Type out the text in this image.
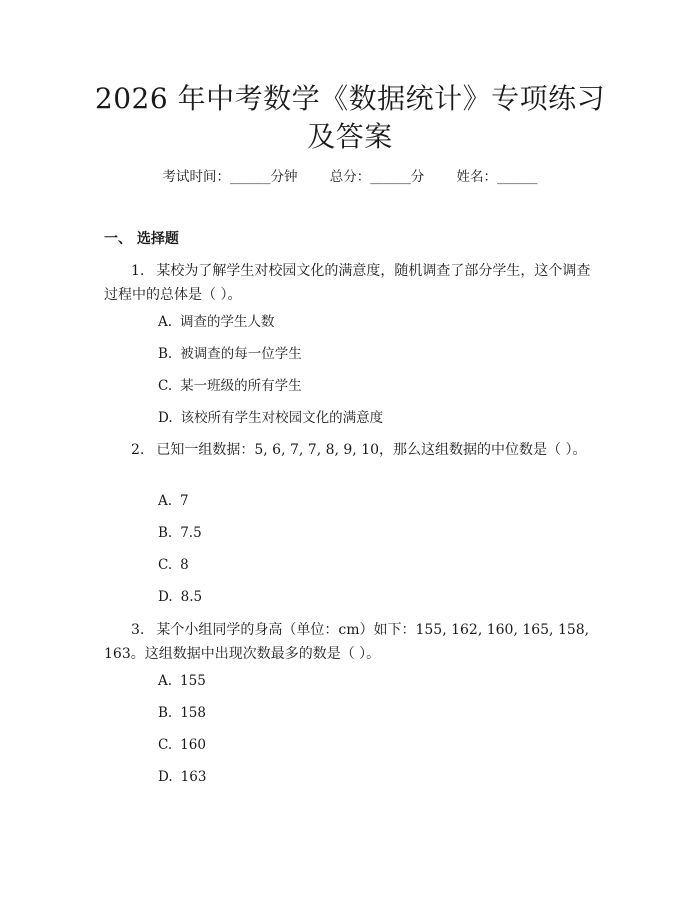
2026 年中考数学《数据统计》专项练习及答案
考试时间：______分钟 总分：______分 姓名：______
一、 选择题
1. 某校为了解学生对校园文化的满意度，随机调查了部分学生，这个调查过程中的总体是（ ）。
A. 调查的学生人数
B. 被调查的每一位学生
C. 某一班级的所有学生
D. 该校所有学生对校园文化的满意度
2. 已知一组数据：5, 6, 7, 7, 8, 9, 10，那么这组数据的中位数是（ ）。
A. 7
B. 7.5
C. 8
D. 8.5
3. 某个小组同学的身高（单位：cm）如下：155, 162, 160, 165, 158, 163。这组数据中出现次数最多的数是（ ）。
A. 155
B. 158
C. 160
D. 163
